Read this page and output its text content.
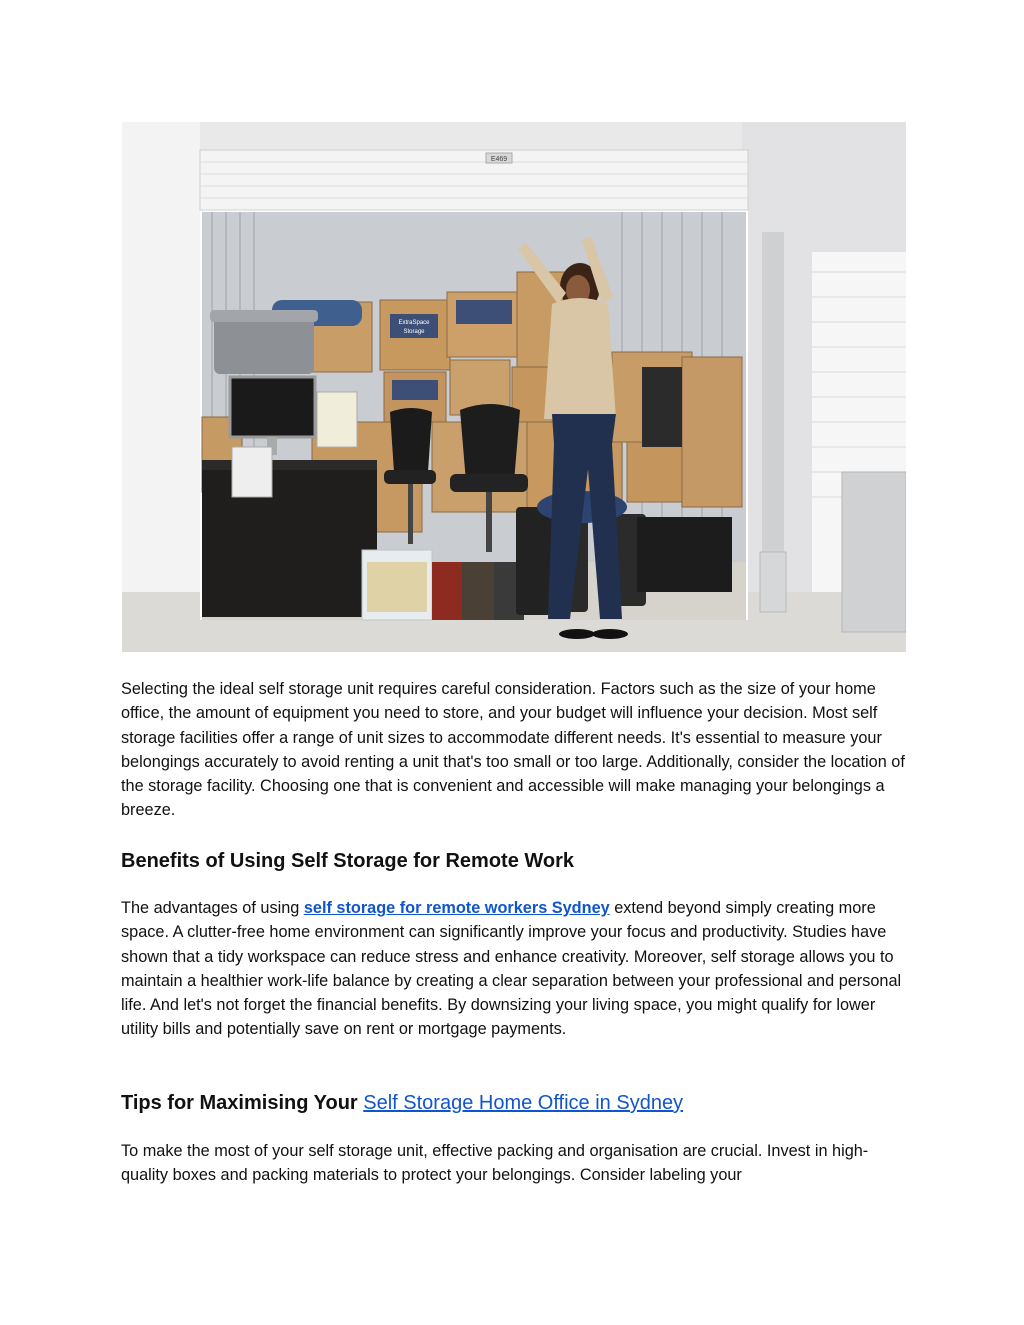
E469
ExtraSpace
Storage

Selecting the ideal self storage unit requires careful consideration. Factors such as the size of your home office, the amount of equipment you need to store, and your budget will influence your decision. Most self storage facilities offer a range of unit sizes to accommodate different needs. It's essential to measure your belongings accurately to avoid renting a unit that's too small or too large. Additionally, consider the location of the storage facility. Choosing one that is convenient and accessible will make managing your belongings a breeze.

Benefits of Using Self Storage for Remote Work

The advantages of using self storage for remote workers Sydney extend beyond simply creating more space. A clutter-free home environment can significantly improve your focus and productivity. Studies have shown that a tidy workspace can reduce stress and enhance creativity. Moreover, self storage allows you to maintain a healthier work-life balance by creating a clear separation between your professional and personal life. And let's not forget the financial benefits. By downsizing your living space, you might qualify for lower utility bills and potentially save on rent or mortgage payments.

Tips for Maximising Your Self Storage Home Office in Sydney

To make the most of your self storage unit, effective packing and organisation are crucial. Invest in high-quality boxes and packing materials to protect your belongings. Consider labeling your
